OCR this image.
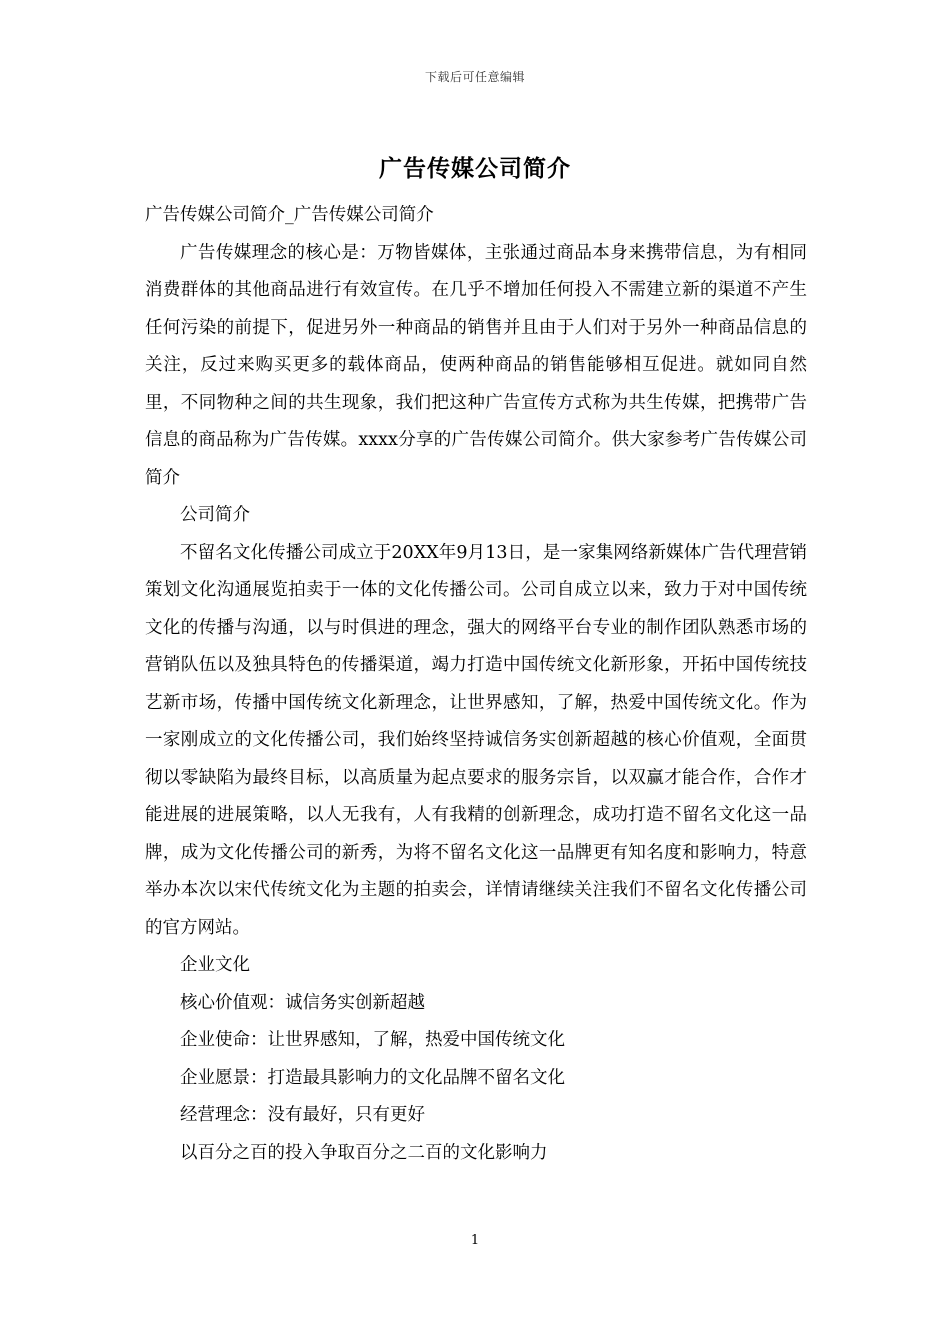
下载后可任意编辑
广告传媒公司简介

广告传媒公司简介_广告传媒公司简介

广告传媒理念的核心是：万物皆媒体，主张通过商品本身来携带信息，为有相同消费群体的其他商品进行有效宣传。在几乎不增加任何投入不需建立新的渠道不产生任何污染的前提下，促进另外一种商品的销售并且由于人们对于另外一种商品信息的关注，反过来购买更多的载体商品，使两种商品的销售能够相互促进。就如同自然里，不同物种之间的共生现象，我们把这种广告宣传方式称为共生传媒，把携带广告信息的商品称为广告传媒。xxxx分享的广告传媒公司简介。供大家参考广告传媒公司简介

公司简介

不留名文化传播公司成立于20XX年9月13日，是一家集网络新媒体广告代理营销策划文化沟通展览拍卖于一体的文化传播公司。公司自成立以来，致力于对中国传统文化的传播与沟通，以与时俱进的理念，强大的网络平台专业的制作团队熟悉市场的营销队伍以及独具特色的传播渠道，竭力打造中国传统文化新形象，开拓中国传统技艺新市场，传播中国传统文化新理念，让世界感知，了解，热爱中国传统文化。作为一家刚成立的文化传播公司，我们始终坚持诚信务实创新超越的核心价值观，全面贯彻以零缺陷为最终目标，以高质量为起点要求的服务宗旨，以双赢才能合作，合作才能进展的进展策略，以人无我有，人有我精的创新理念，成功打造不留名文化这一品牌，成为文化传播公司的新秀，为将不留名文化这一品牌更有知名度和影响力，特意举办本次以宋代传统文化为主题的拍卖会，详情请继续关注我们不留名文化传播公司的官方网站。

企业文化

核心价值观：诚信务实创新超越

企业使命：让世界感知，了解，热爱中国传统文化

企业愿景：打造最具影响力的文化品牌不留名文化

经营理念：没有最好，只有更好

以百分之百的投入争取百分之二百的文化影响力

1
